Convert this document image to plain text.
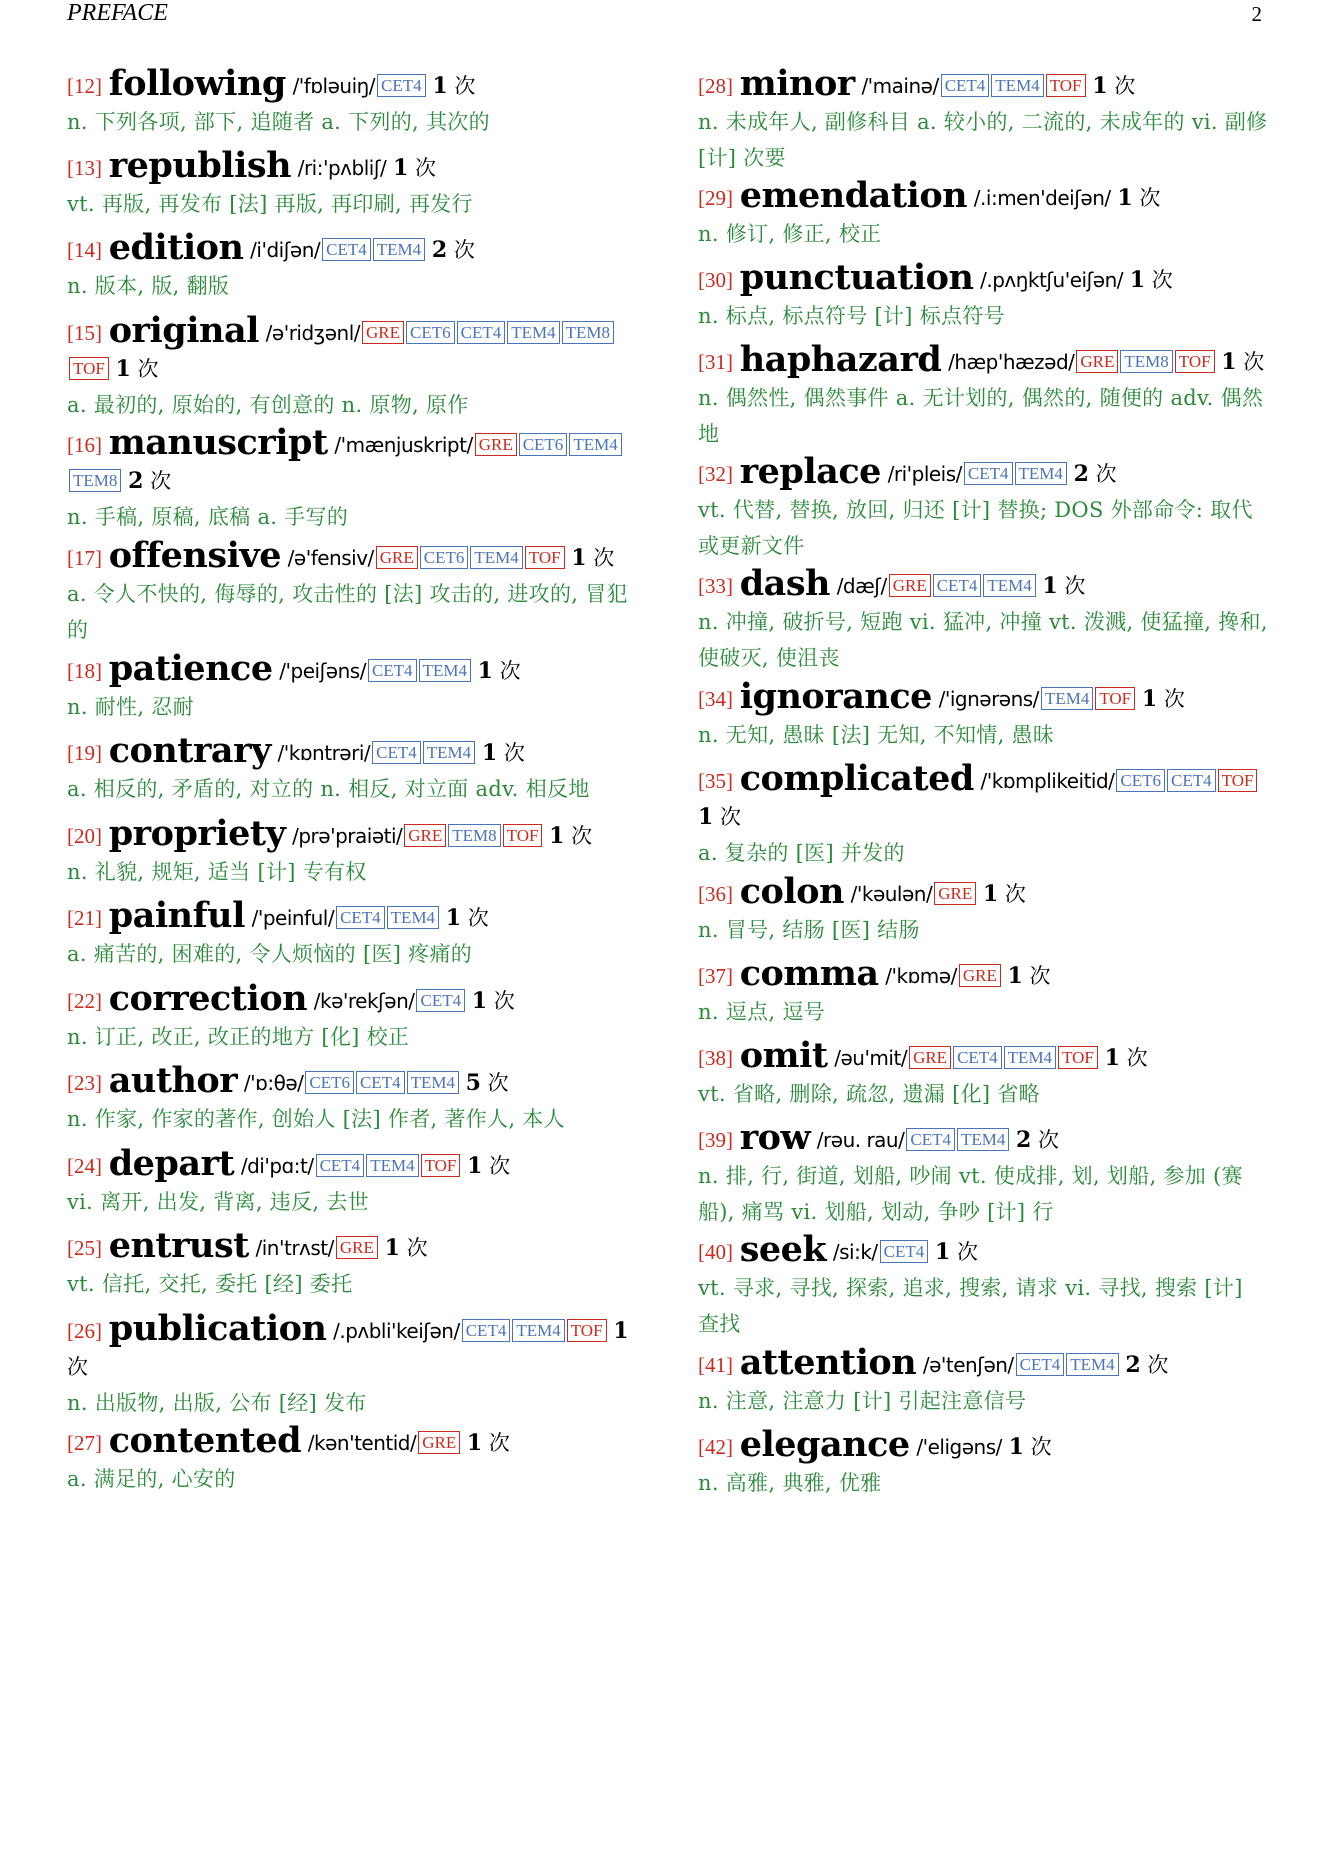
PREFACE	2
[12] following /'fɒləuiŋ/ CET4 1 次
n. 下列各项, 部下, 追随者 a. 下列的, 其次的
[13] republish /ri:'pʌbliʃ/ 1 次
vt. 再版, 再发布 [法] 再版, 再印刷, 再发行
[14] edition /i'diʃən/ CET4 TEM4 2 次
n. 版本, 版, 翻版
[15] original /ə'ridʒənl/ GRE CET6 CET4 TEM4 TEM8TOF 1 次
a. 最初的, 原始的, 有创意的 n. 原物, 原作
[16] manuscript /'mænjuskript/ GRE CET6 TEM4TEM8 2 次
n. 手稿, 原稿, 底稿 a. 手写的
[17] offensive /ə'fensiv/ GRE CET6 TEM4 TOF 1 次
a. 令人不快的, 侮辱的, 攻击性的 [法] 攻击的, 进攻的, 冒犯的
[18] patience /'peiʃəns/ CET4 TEM4 1 次
n. 耐性, 忍耐
[19] contrary /'kɒntrəri/ CET4 TEM4 1 次
a. 相反的, 矛盾的, 对立的 n. 相反, 对立面 adv. 相反地
[20] propriety /prə'praiəti/ GRE TEM8 TOF 1 次
n. 礼貌, 规矩, 适当 [计] 专有权
[21] painful /'peinful/ CET4 TEM4 1 次
a. 痛苦的, 困难的, 令人烦恼的 [医] 疼痛的
[22] correction /kə'rekʃən/ CET4 1 次
n. 订正, 改正, 改正的地方 [化] 校正
[23] author /'ɒ:θə/ CET6 CET4 TEM4 5 次
n. 作家, 作家的著作, 创始人 [法] 作者, 著作人, 本人
[24] depart /di'pɑ:t/ CET4 TEM4 TOF 1 次
vi. 离开, 出发, 背离, 违反, 去世
[25] entrust /in'trʌst/ GRE 1 次
vt. 信托, 交托, 委托 [经] 委托
[26] publication /.pʌbli'keiʃən/ CET4 TEM4 TOF 1 次
n. 出版物, 出版, 公布 [经] 发布
[27] contented /kən'tentid/ GRE 1 次
a. 满足的, 心安的
[28] minor /'mainə/ CET4 TEM4 TOF 1 次
n. 未成年人, 副修科目 a. 较小的, 二流的, 未成年的 vi. 副修 [计] 次要
[29] emendation /.i:men'deiʃən/ 1 次
n. 修订, 修正, 校正
[30] punctuation /.pʌŋktʃu'eiʃən/ 1 次
n. 标点, 标点符号 [计] 标点符号
[31] haphazard /hæp'hæzəd/ GRE TEM8 TOF 1 次
n. 偶然性, 偶然事件 a. 无计划的, 偶然的, 随便的 adv. 偶然地
[32] replace /ri'pleis/ CET4 TEM4 2 次
vt. 代替, 替换, 放回, 归还 [计] 替换; DOS 外部命令: 取代或更新文件
[33] dash /dæʃ/ GRE CET4 TEM4 1 次
n. 冲撞, 破折号, 短跑 vi. 猛冲, 冲撞 vt. 泼溅, 使猛撞, 搀和, 使破灭, 使沮丧
[34] ignorance /'ignərəns/ TEM4 TOF 1 次
n. 无知, 愚昧 [法] 无知, 不知情, 愚昧
[35] complicated /'kɒmplikeitid/ CET6 CET4 TOF 1 次
a. 复杂的 [医] 并发的
[36] colon /'kəulən/ GRE 1 次
n. 冒号, 结肠 [医] 结肠
[37] comma /'kɒmə/ GRE 1 次
n. 逗点, 逗号
[38] omit /əu'mit/ GRE CET4 TEM4 TOF 1 次
vt. 省略, 删除, 疏忽, 遗漏 [化] 省略
[39] row /rəu. rau/ CET4 TEM4 2 次
n. 排, 行, 街道, 划船, 吵闹 vt. 使成排, 划, 划船, 参加 (赛船), 痛骂 vi. 划船, 划动, 争吵 [计] 行
[40] seek /si:k/ CET4 1 次
vt. 寻求, 寻找, 探索, 追求, 搜索, 请求 vi. 寻找, 搜索 [计] 查找
[41] attention /ə'tenʃən/ CET4 TEM4 2 次
n. 注意, 注意力 [计] 引起注意信号
[42] elegance /'eligəns/ 1 次
n. 高雅, 典雅, 优雅
